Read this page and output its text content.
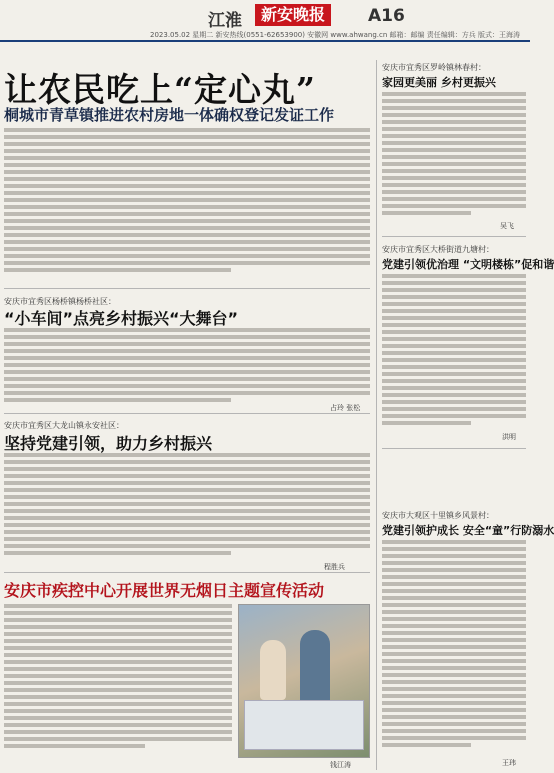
江淮	新安晚报	A16
2023.05.02 星期二 新安热线(0551-62653900) 安徽网 www.ahwang.cn 邮箱：邮编 责任编辑：方兵 版式：王海涛
让农民吃上“定心丸”
桐城市青草镇推进农村房地一体确权登记发证工作
安庆市宜秀区杨桥镇杨桥社区：
“小车间”点亮乡村振兴“大舞台”
占玲 张松
安庆市宜秀区大龙山镇永安社区：
坚持党建引领，助力乡村振兴
程胜兵
安庆市疾控中心开展世界无烟日主题宣传活动
钱江涛
安庆市宜秀区罗岭镇林春村：
家园更美丽 乡村更振兴
吴飞
安庆市宜秀区大桥街道九塘村：
党建引领优治理 “文明楼栋”促和谐
洪明
安庆市大观区十里镇乡风景村：
党建引领护成长 安全“童”行防溺水
王玮
